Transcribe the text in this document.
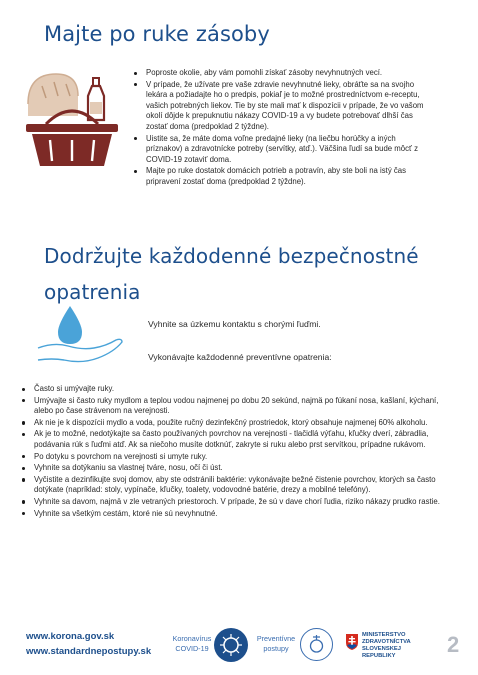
Majte po ruke zásoby
Poproste okolie, aby vám pomohli získať zásoby nevyhnutných vecí.
V prípade, že užívate pre vaše zdravie nevyhnutné lieky, obráťte sa na svojho lekára a požiadajte ho o predpis, pokiaľ je to možné prostredníctvom e-receptu, vašich potrebných liekov. Tie by ste mali mať k dispozícii v prípade, že vo vašom okolí dôjde k prepuknutiu nákazy COVID-19 a vy budete potrebovať dlhší čas zostať doma (predpoklad 2 týždne).
Uistite sa, že máte doma voľne predajné lieky (na liečbu horúčky a iných príznakov) a zdravotnícke potreby (servítky, atď.). Väčšina ľudí sa bude môcť z COVID-19 zotaviť doma.
Majte po ruke dostatok domácich potrieb a potravín, aby ste boli na istý čas pripravení zostať doma (predpoklad 2 týždne).
Dodržujte každodenné bezpečnostné opatrenia
Vyhnite sa úzkemu kontaktu s chorými ľuďmi.
Vykonávajte každodenné preventívne opatrenia:
Často si umývajte ruky.
Umývajte si často ruky mydlom a teplou vodou najmenej po dobu 20 sekúnd, najmä po fúkaní nosa, kašlaní, kýchaní, alebo po čase strávenom na verejnosti.
Ak nie je k dispozícii mydlo a voda, použite ručný dezinfekčný prostriedok, ktorý obsahuje najmenej 60% alkoholu.
Ak je to možné, nedotýkajte sa často používaných povrchov na verejnosti - tlačidlá výťahu, kľučky dverí, zábradlia, podávania rúk s ľuďmi atď. Ak sa niečoho musíte dotknúť, zakryte si ruku alebo prst servítkou, prípadne rukávom.
Po dotyku s povrchom na verejnosti si umyte ruky.
Vyhnite sa dotýkaniu sa vlastnej tváre, nosu, očí či úst.
Vyčistite a dezinfikujte svoj domov, aby ste odstránili baktérie: vykonávajte bežné čistenie povrchov, ktorých sa často dotýkate (napríklad: stoly, vypínače, kľučky, toalety, vodovodné batérie, drezy a mobilné telefóny).
Vyhnite sa davom, najmä v zle vetraných priestoroch. V prípade, že sú v dave chorí ľudia, riziko nákazy prudko rastie.
Vyhnite sa všetkým cestám, ktoré nie sú nevyhnutné.
www.korona.gov.sk
www.standardnepostupy.sk
Koronavírus COVID-19
Preventívne postupy
MINISTERSTVO
ZDRAVOTNÍCTVA
SLOVENSKEJ REPUBLIKY	2
